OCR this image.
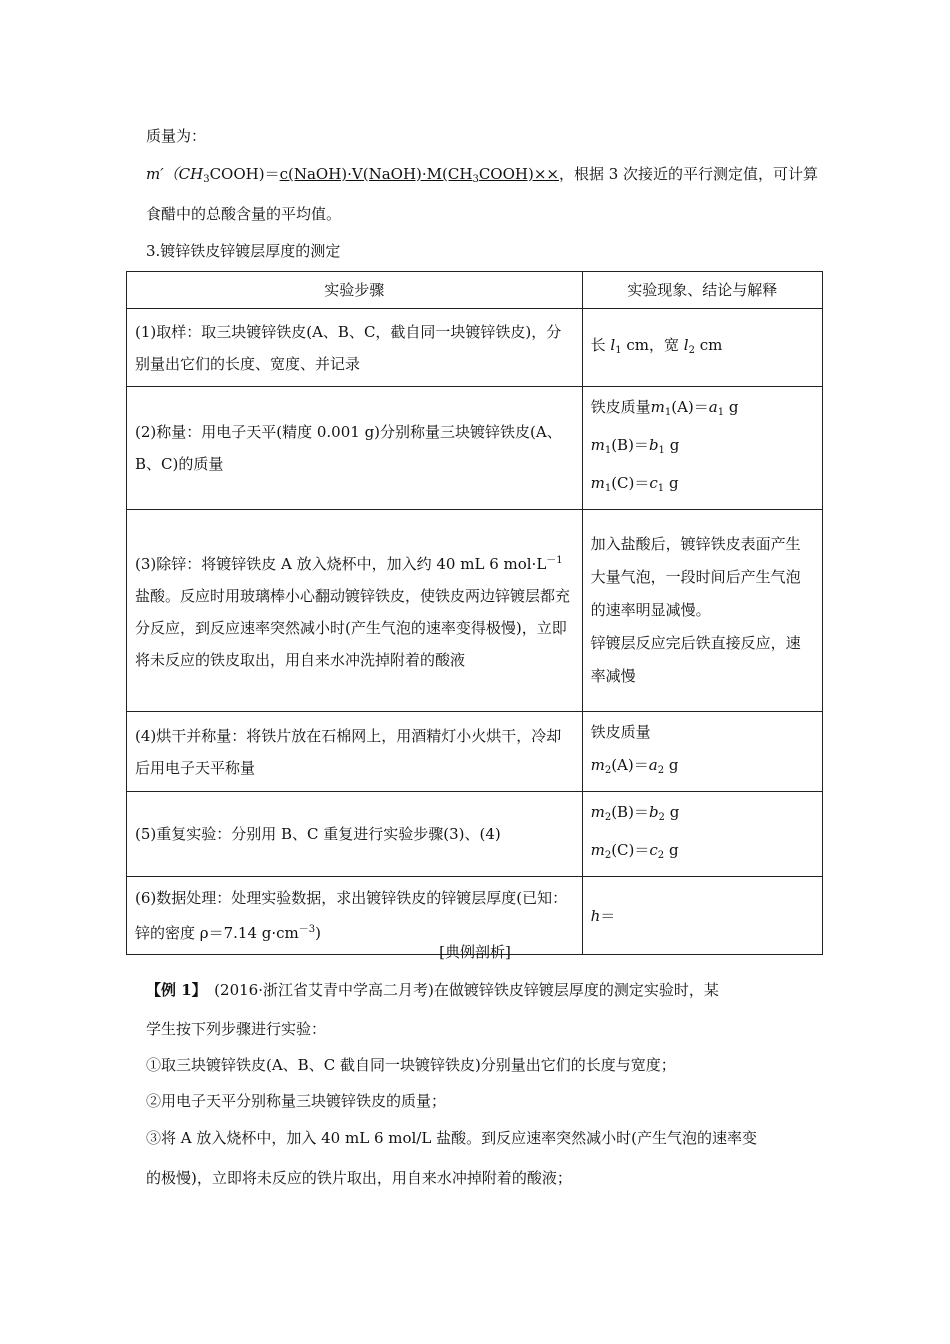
质量为：
$m'(CH_3COOH)=c(NaOH)\cdot V(NaOH)\cdot M(CH_3COOH)\times\times$，根据 3 次接近的平行测定值，可计算
食醋中的总酸含量的平均值。
3.镀锌铁皮锌镀层厚度的测定
实验步骤	实验现象、结论与解释
(1)取样：取三块镀锌铁皮(A、B、C，截自同一块镀锌铁皮)，分别量出它们的长度、宽度、并记录	长 $l_1$ cm，宽 $l_2$ cm
(2)称量：用电子天平(精度 0.001 g)分别称量三块镀锌铁皮(A、B、C)的质量	铁皮质量$m_1(A)=a_1$ g
$m_1(B)=b_1$ g
$m_1(C)=c_1$ g

(3)除锌：将镀锌铁皮 A 放入烧杯中，加入约 40 mL 6 $mol\cdot L^{-1}$盐酸。反应时用玻璃棒小心翻动镀锌铁皮，使铁皮两边锌镀层都充分反应，到反应速率突然减小时(产生气泡的速率变得极慢)，立即将未反应的铁皮取出，用自来水冲洗掉附着的酸液	加入盐酸后，镀锌铁皮表面产生大量气泡，一段时间后产生气泡的速率明显减慢。
锌镀层反应完后铁直接反应，速率减慢

(4)烘干并称量：将铁片放在石棉网上，用酒精灯小火烘干，冷却后用电子天平称量	铁皮质量
$m_2(A)=a_2$ g

(5)重复实验：分别用 B、C 重复进行实验步骤(3)、(4)	$m_2(B)=b_2$ g
$m_2(C)=c_2$ g

(6)数据处理：处理实验数据，求出镀锌铁皮的锌镀层厚度(已知：锌的密度 ρ＝7.14 $g\cdot cm^{-3}$)	h＝
[典例剖析]
【例 1】　(2016·浙江省艾青中学高二月考)在做镀锌铁皮锌镀层厚度的测定实验时，某
学生按下列步骤进行实验：
①取三块镀锌铁皮(A、B、C 截自同一块镀锌铁皮)分别量出它们的长度与宽度；
②用电子天平分别称量三块镀锌铁皮的质量；
③将 A 放入烧杯中，加入 40 mL 6 mol/L 盐酸。到反应速率突然减小时(产生气泡的速率变
的极慢)，立即将未反应的铁片取出，用自来水冲掉附着的酸液；
